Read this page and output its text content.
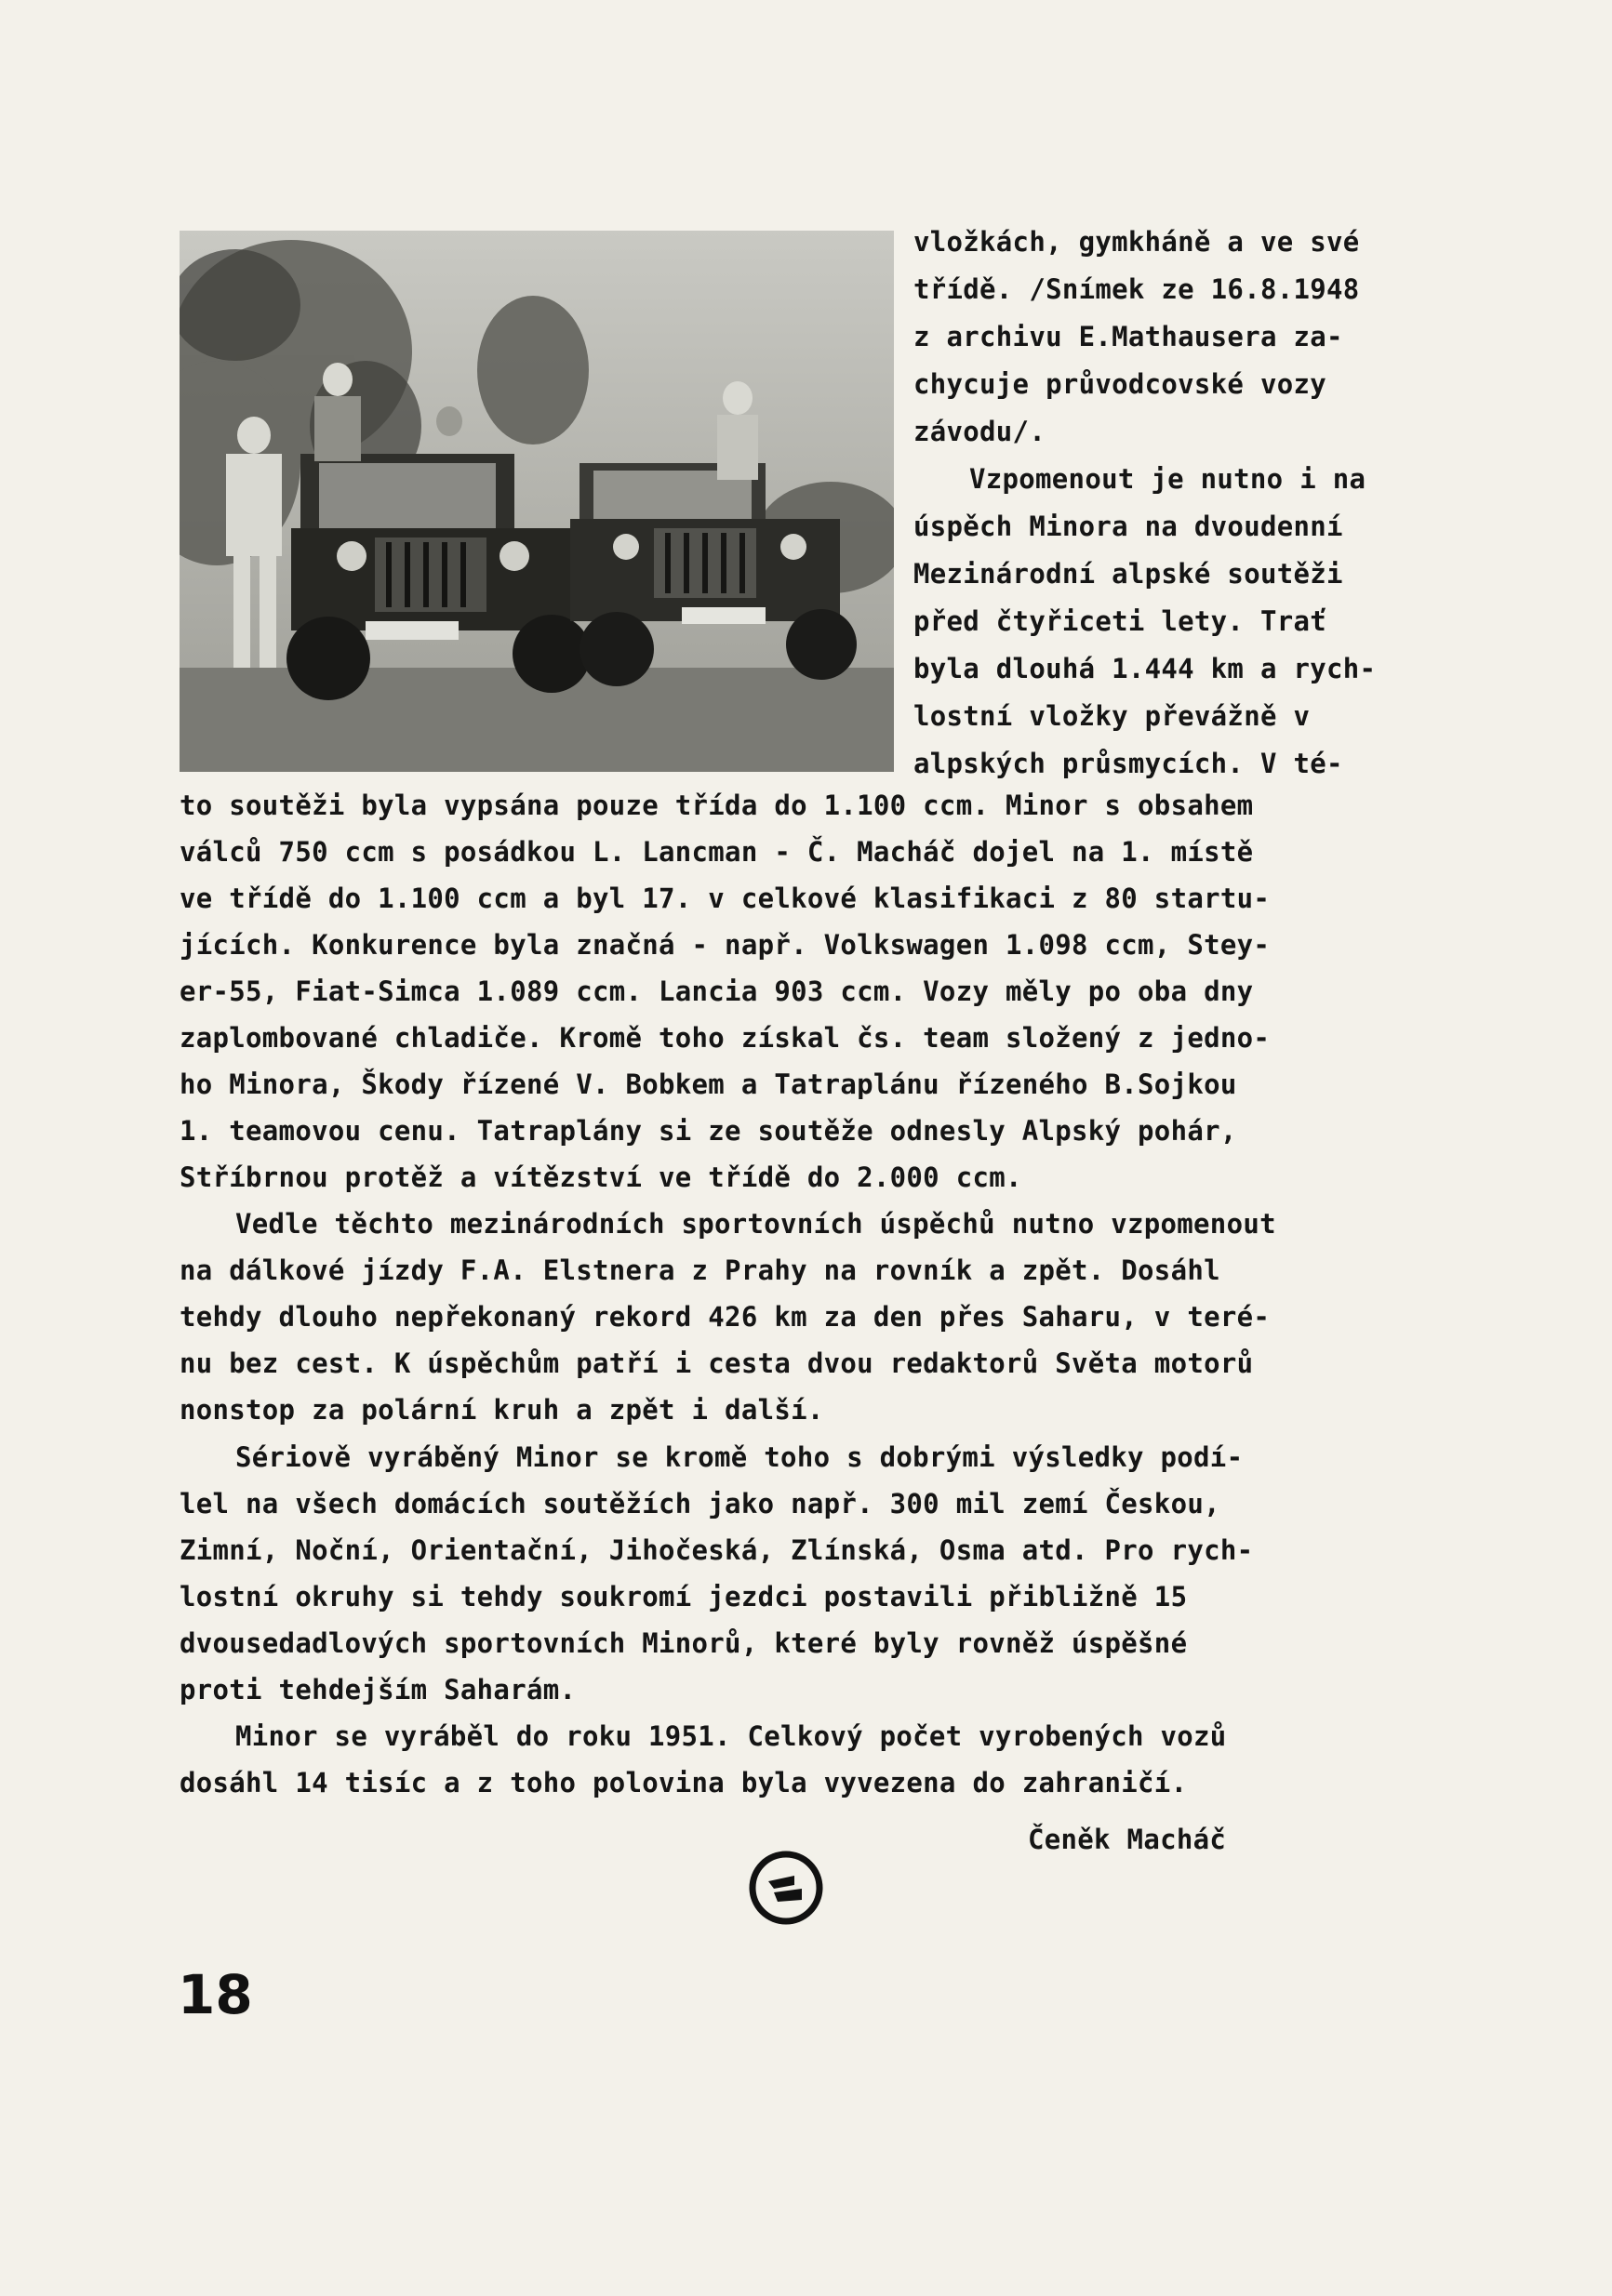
vložkách, gymkháně a ve své

třídě. /Snímek ze 16.8.1948

z archivu E.Mathausera za-

chycuje průvodcovské vozy

závodu/.

Vzpomenout je nutno i na

úspěch Minora na dvoudenní

Mezinárodní alpské soutěži

před čtyřiceti lety. Trať

byla dlouhá 1.444 km a rych-

lostní vložky převážně v

alpských průsmycích. V té-

to soutěži byla vypsána pouze třída do 1.100 ccm. Minor s obsahem

válců 750 ccm s posádkou L. Lancman - Č. Macháč dojel na 1. místě

ve třídě do 1.100 ccm a byl 17. v celkové klasifikaci z 80 startu-

jících. Konkurence byla značná - např. Volkswagen 1.098 ccm, Stey-

er-55, Fiat-Simca 1.089 ccm. Lancia 903 ccm. Vozy měly po oba dny

zaplombované chladiče. Kromě toho získal čs. team složený z jedno-

ho Minora, Škody řízené V. Bobkem a Tatraplánu řízeného B.Sojkou

1. teamovou cenu. Tatraplány si ze soutěže odnesly Alpský pohár,

Stříbrnou protěž a vítězství ve třídě do 2.000 ccm.

Vedle těchto mezinárodních sportovních úspěchů nutno vzpomenout

na dálkové jízdy F.A. Elstnera z Prahy na rovník a zpět. Dosáhl

tehdy dlouho nepřekonaný rekord 426 km za den přes Saharu, v teré-

nu bez cest. K úspěchům patří i cesta dvou redaktorů Světa motorů

nonstop za polární kruh a zpět i další.

Sériově vyráběný Minor se kromě toho s dobrými výsledky podí-

lel na všech domácích soutěžích jako např. 300 mil zemí Českou,

Zimní, Noční, Orientační, Jihočeská, Zlínská, Osma atd. Pro rych-

lostní okruhy si tehdy soukromí jezdci postavili přibližně 15

dvousedadlových sportovních Minorů, které byly rovněž úspěšné

proti tehdejším Saharám.

Minor se vyráběl do roku 1951. Celkový počet vyrobených vozů

dosáhl 14 tisíc a z toho polovina byla vyvezena do zahraničí.

Čeněk Macháč

18
